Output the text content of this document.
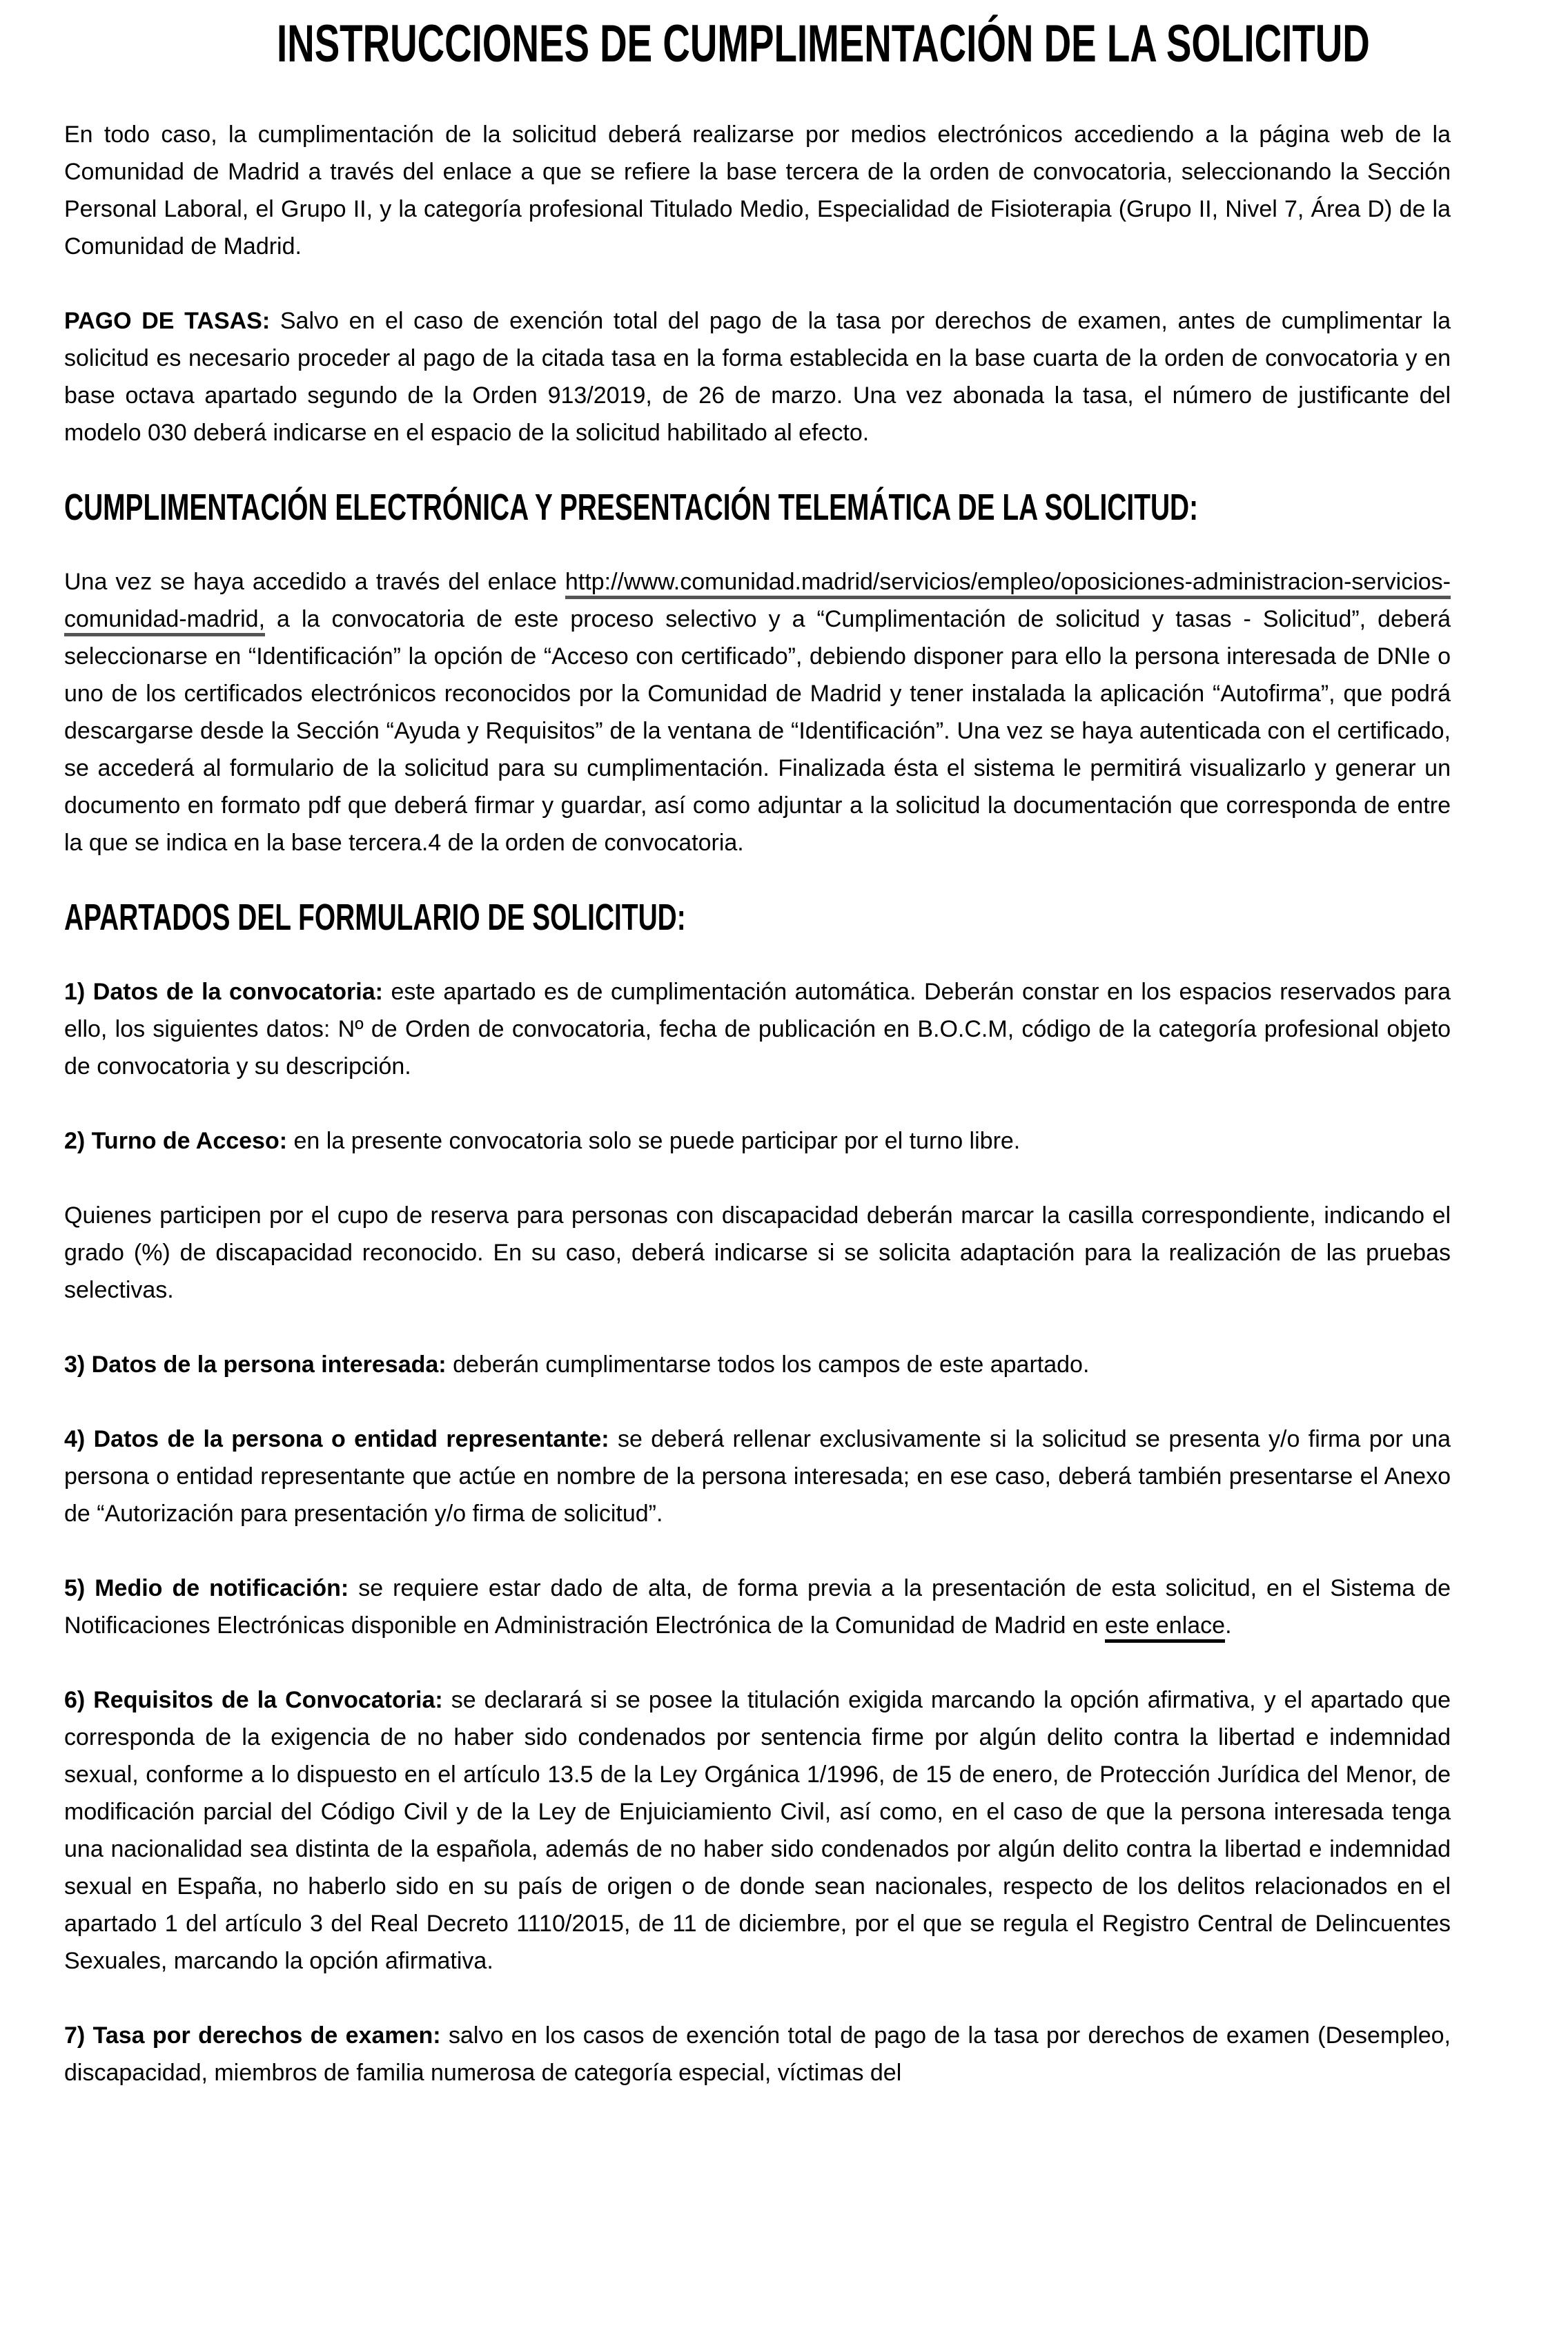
INSTRUCCIONES DE CUMPLIMENTACIÓN DE LA SOLICITUD

En todo caso, la cumplimentación de la solicitud deberá realizarse por medios electrónicos accediendo a la página web de la Comunidad de Madrid a través del enlace a que se refiere la base tercera de la orden de convocatoria, seleccionando la Sección Personal Laboral, el Grupo II, y la categoría profesional Titulado Medio, Especialidad de Fisioterapia (Grupo II, Nivel 7, Área D) de la Comunidad de Madrid.

PAGO DE TASAS: Salvo en el caso de exención total del pago de la tasa por derechos de examen, antes de cumplimentar la solicitud es necesario proceder al pago de la citada tasa en la forma establecida en la base cuarta de la orden de convocatoria y en base octava apartado segundo de la Orden 913/2019, de 26 de marzo. Una vez abonada la tasa, el número de justificante del modelo 030 deberá indicarse en el espacio de la solicitud habilitado al efecto.

CUMPLIMENTACIÓN ELECTRÓNICA Y PRESENTACIÓN TELEMÁTICA DE LA SOLICITUD:

Una vez se haya accedido a través del enlace http://www.comunidad.madrid/servicios/empleo/oposiciones-administracion-servicios-comunidad-madrid, a la convocatoria de este proceso selectivo y a “Cumplimentación de solicitud y tasas - Solicitud”, deberá seleccionarse en “Identificación” la opción de “Acceso con certificado”, debiendo disponer para ello la persona interesada de DNIe o uno de los certificados electrónicos reconocidos por la Comunidad de Madrid y tener instalada la aplicación “Autofirma”, que podrá descargarse desde la Sección “Ayuda y Requisitos” de la ventana de “Identificación”. Una vez se haya autenticada con el certificado, se accederá al formulario de la solicitud para su cumplimentación. Finalizada ésta el sistema le permitirá visualizarlo y generar un documento en formato pdf que deberá firmar y guardar, así como adjuntar a la solicitud la documentación que corresponda de entre la que se indica en la base tercera.4 de la orden de convocatoria.

APARTADOS DEL FORMULARIO DE SOLICITUD:

1) Datos de la convocatoria: este apartado es de cumplimentación automática. Deberán constar en los espacios reservados para ello, los siguientes datos: Nº de Orden de convocatoria, fecha de publicación en B.O.C.M, código de la categoría profesional objeto de convocatoria y su descripción.

2) Turno de Acceso: en la presente convocatoria solo se puede participar por el turno libre.

Quienes participen por el cupo de reserva para personas con discapacidad deberán marcar la casilla correspondiente, indicando el grado (%) de discapacidad reconocido. En su caso, deberá indicarse si se solicita adaptación para la realización de las pruebas selectivas.

3) Datos de la persona interesada: deberán cumplimentarse todos los campos de este apartado.

4) Datos de la persona o entidad representante: se deberá rellenar exclusivamente si la solicitud se presenta y/o firma por una persona o entidad representante que actúe en nombre de la persona interesada; en ese caso, deberá también presentarse el Anexo de “Autorización para presentación y/o firma de solicitud”.

5) Medio de notificación: se requiere estar dado de alta, de forma previa a la presentación de esta solicitud, en el Sistema de Notificaciones Electrónicas disponible en Administración Electrónica de la Comunidad de Madrid en este enlace.

6) Requisitos de la Convocatoria: se declarará si se posee la titulación exigida marcando la opción afirmativa, y el apartado que corresponda de la exigencia de no haber sido condenados por sentencia firme por algún delito contra la libertad e indemnidad sexual, conforme a lo dispuesto en el artículo 13.5 de la Ley Orgánica 1/1996, de 15 de enero, de Protección Jurídica del Menor, de modificación parcial del Código Civil y de la Ley de Enjuiciamiento Civil, así como, en el caso de que la persona interesada tenga una nacionalidad sea distinta de la española, además de no haber sido condenados por algún delito contra la libertad e indemnidad sexual en España, no haberlo sido en su país de origen o de donde sean nacionales, respecto de los delitos relacionados en el apartado 1 del artículo 3 del Real Decreto 1110/2015, de 11 de diciembre, por el que se regula el Registro Central de Delincuentes Sexuales, marcando la opción afirmativa.

7) Tasa por derechos de examen: salvo en los casos de exención total de pago de la tasa por derechos de examen (Desempleo, discapacidad, miembros de familia numerosa de categoría especial, víctimas del
